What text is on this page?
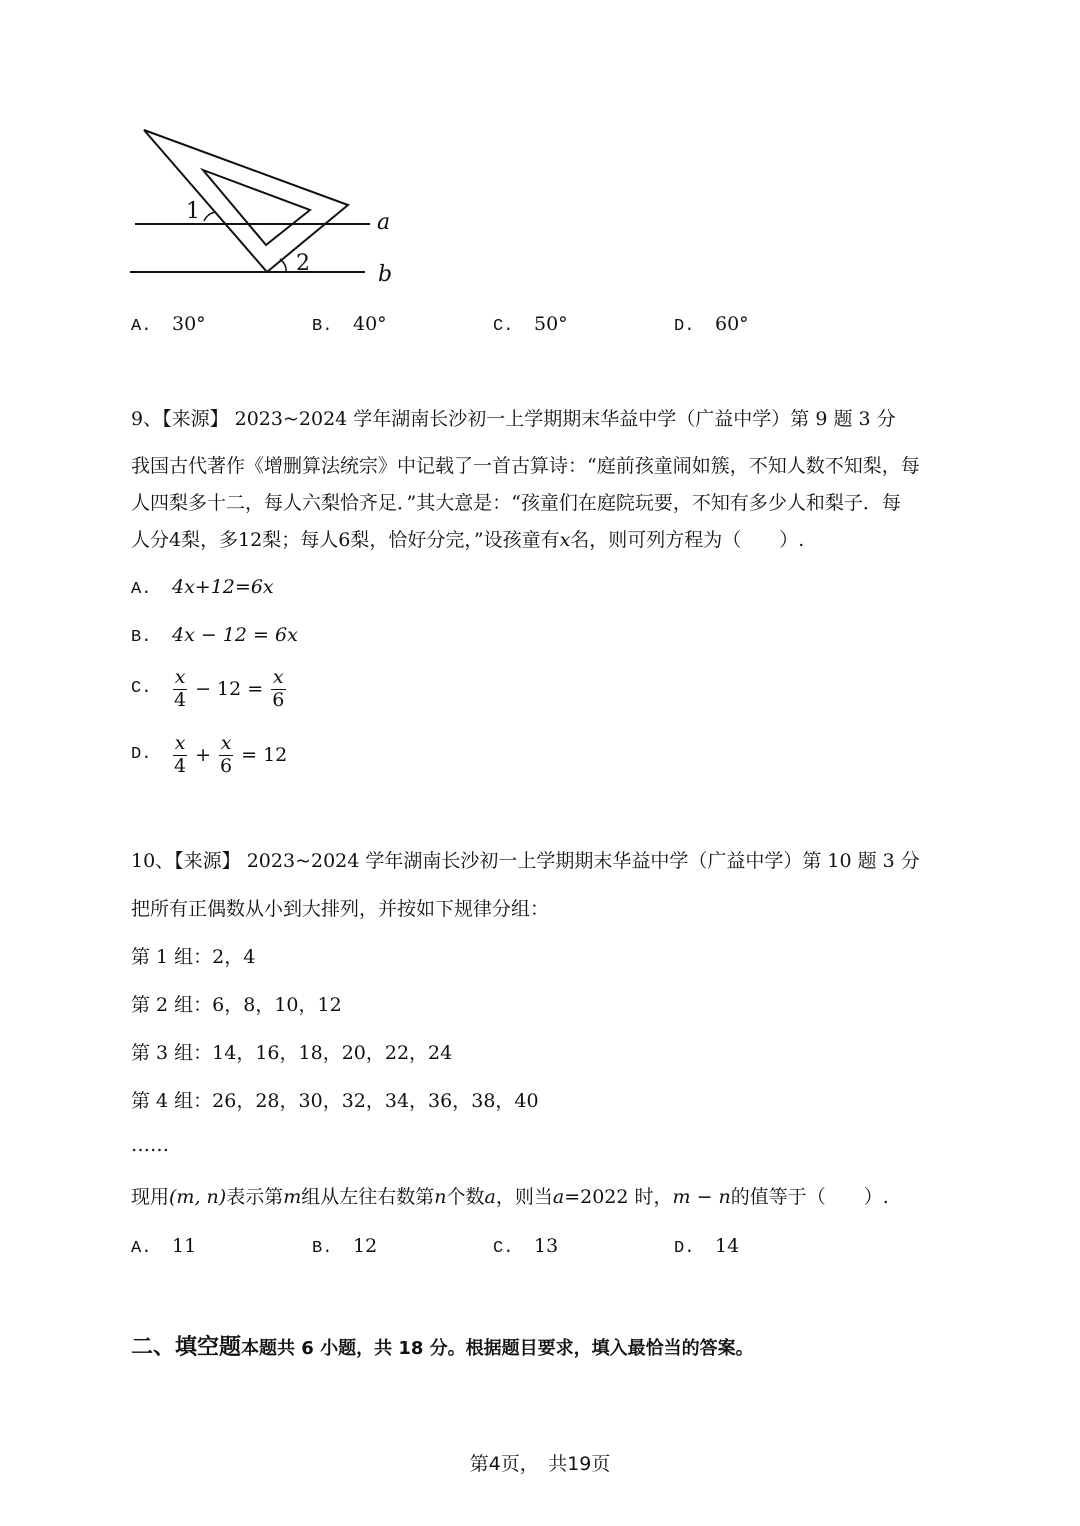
1
2
a
b
A.	30°	B.	40°	C.	50°	D.	60°
9、【来源】 2023~2024 学年湖南长沙初一上学期期末华益中学（广益中学）第 9 题 3 分
我国古代著作《增删算法统宗》中记载了一首古算诗：“庭前孩童闹如簇，不知人数不知梨，每
人四梨多十二，每人六梨恰齐足．”其大意是：“孩童们在庭院玩要，不知有多少人和梨子．每
人分4梨，多12梨；每人6梨，恰好分完，”设孩童有x名，则可列方程为（　　）.
A.	4x+12=6x
B.	4x − 12 = 6x
C.	$\frac{x}{4} - 12 = \frac{x}{6}$
D.	$\frac{x}{4} + \frac{x}{6} = 12$
10、【来源】 2023~2024 学年湖南长沙初一上学期期末华益中学（广益中学）第 10 题 3 分
把所有正偶数从小到大排列，并按如下规律分组：
第 1 组：2，4
第 2 组：6，8，10，12
第 3 组：14，16，18，20，22，24
第 4 组：26，28，30，32，34，36，38，40
……
现用(m, n)表示第m组从左往右数第n个数a，则当a=2022 时，m − n的值等于（　　）.
A.	11	B.	12	C.	13	D.	14
二、填空题本题共 6 小题，共 18 分。根据题目要求，填入最恰当的答案。
第4页，　共19页
